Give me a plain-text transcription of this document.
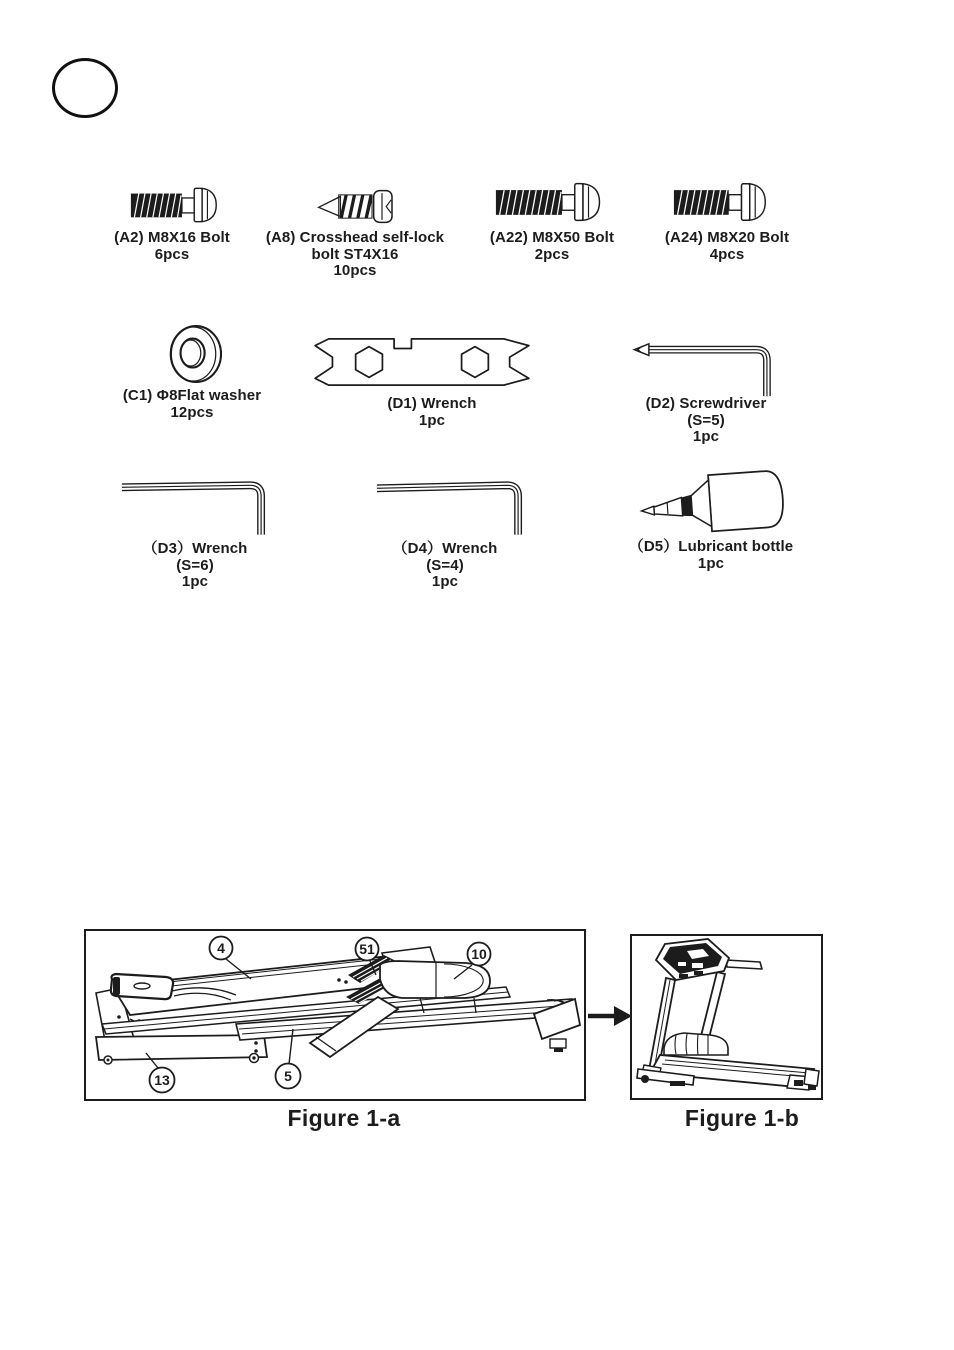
(A2) M8X16 Bolt
6pcs
(A8) Crosshead self-lock
bolt ST4X16
10pcs
(A22) M8X50 Bolt
2pcs
(A24) M8X20 Bolt
4pcs
(C1) Φ8Flat washer
12pcs	(D1) Wrench
1pc
(D2) Screwdriver
(S=5)
1pc
（D3）Wrench
(S=6)
1pc
（D4）Wrench
(S=4)
1pc
（D5）Lubricant bottle
1pc
4	51	10
13	5
Figure 1-a	Figure 1-b
